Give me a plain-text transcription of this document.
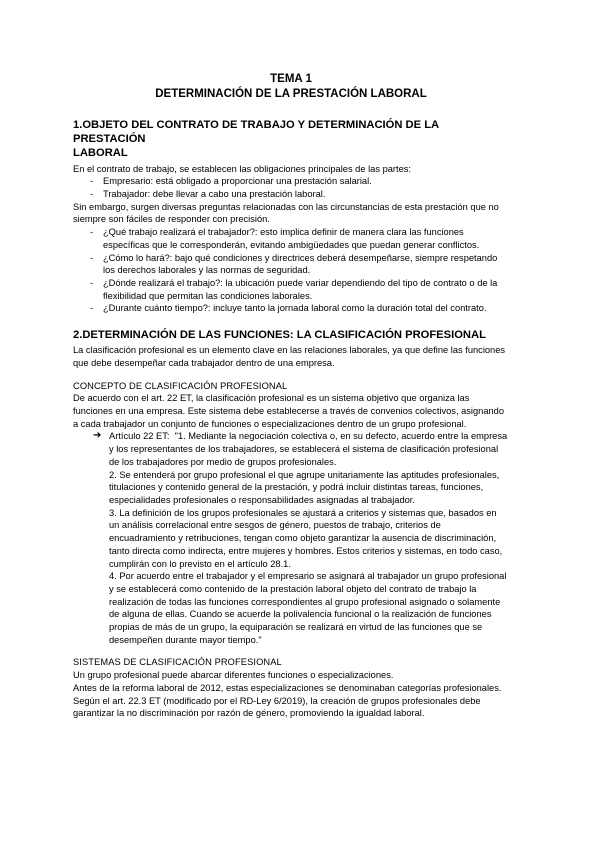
TEMA 1
DETERMINACIÓN DE LA PRESTACIÓN LABORAL
1.OBJETO DEL CONTRATO DE TRABAJO Y DETERMINACIÓN DE LA PRESTACIÓN
LABORAL

En el contrato de trabajo, se establecen las obligaciones principales de las partes:

- Empresario: está obligado a proporcionar una prestación salarial.
- Trabajador: debe llevar a cabo una prestación laboral.

Sin embargo, surgen diversas preguntas relacionadas con las circunstancias de esta prestación que no siempre son fáciles de responder con precisión.

- ¿Qué trabajo realizará el trabajador?: esto implica definir de manera clara las funciones específicas que le corresponderán, evitando ambigüedades que puedan generar conflictos.
- ¿Cómo lo hará?: bajo qué condiciones y directrices deberá desempeñarse, siempre respetando los derechos laborales y las normas de seguridad.
- ¿Dónde realizará el trabajo?: la ubicación puede variar dependiendo del tipo de contrato o de la flexibilidad que permitan las condiciones laborales.
- ¿Durante cuánto tiempo?: incluye tanto la jornada laboral como la duración total del contrato.
2.DETERMINACIÓN DE LAS FUNCIONES: LA CLASIFICACIÓN PROFESIONAL

La clasificación profesional es un elemento clave en las relaciones laborales, ya que define las funciones que debe desempeñar cada trabajador dentro de una empresa.

CONCEPTO DE CLASIFICACIÓN PROFESIONAL

De acuerdo con el art. 22 ET, la clasificación profesional es un sistema objetivo que organiza las funciones en una empresa. Este sistema debe establecerse a través de convenios colectivos, asignando a cada trabajador un conjunto de funciones o especializaciones dentro de un grupo profesional.

➔ Artículo 22 ET: "1. Mediante la negociación colectiva o, en su defecto, acuerdo entre la empresa y los representantes de los trabajadores, se establecerá el sistema de clasificación profesional de los trabajadores por medio de grupos profesionales.

2. Se entenderá por grupo profesional el que agrupe unitariamente las aptitudes profesionales, titulaciones y contenido general de la prestación, y podrá incluir distintas tareas, funciones, especialidades profesionales o responsabilidades asignadas al trabajador.

3. La definición de los grupos profesionales se ajustará a criterios y sistemas que, basados en un análisis correlacional entre sesgos de género, puestos de trabajo, criterios de encuadramiento y retribuciones, tengan como objeto garantizar la ausencia de discriminación, tanto directa como indirecta, entre mujeres y hombres. Estos criterios y sistemas, en todo caso, cumplirán con lo previsto en el artículo 28.1.

4. Por acuerdo entre el trabajador y el empresario se asignará al trabajador un grupo profesional y se establecerá como contenido de la prestación laboral objeto del contrato de trabajo la realización de todas las funciones correspondientes al grupo profesional asignado o solamente de alguna de ellas. Cuando se acuerde la polivalencia funcional o la realización de funciones propias de más de un grupo, la equiparación se realizará en virtud de las funciones que se desempeñen durante mayor tiempo."

SISTEMAS DE CLASIFICACIÓN PROFESIONAL

Un grupo profesional puede abarcar diferentes funciones o especializaciones.

Antes de la reforma laboral de 2012, estas especializaciones se denominaban categorías profesionales.

Según el art. 22.3 ET (modificado por el RD-Ley 6/2019), la creación de grupos profesionales debe garantizar la no discriminación por razón de género, promoviendo la igualdad laboral.
